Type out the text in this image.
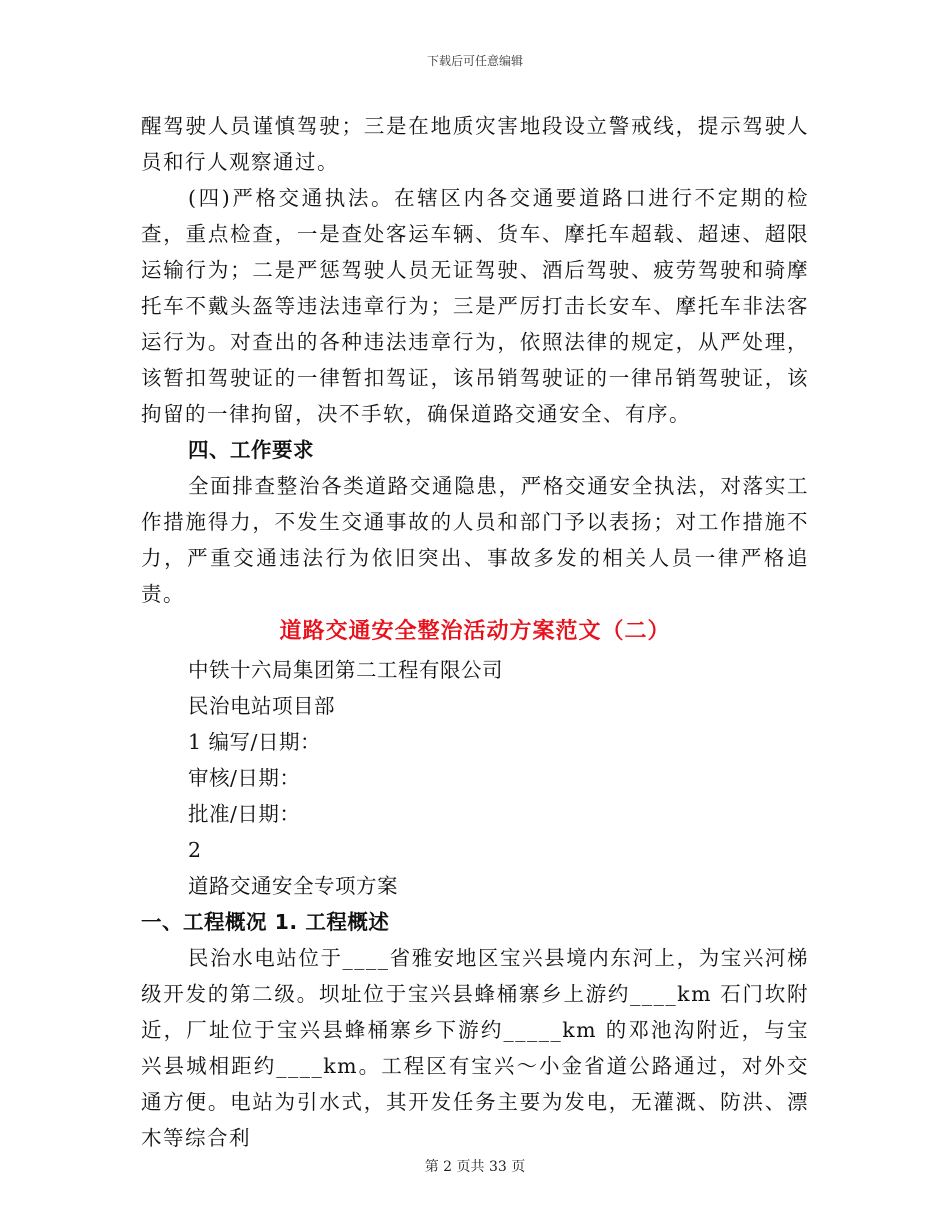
下载后可任意编辑

醒驾驶人员谨慎驾驶；三是在地质灾害地段设立警戒线，提示驾驶人员和行人观察通过。

(四)严格交通执法。在辖区内各交通要道路口进行不定期的检查，重点检查，一是查处客运车辆、货车、摩托车超载、超速、超限运输行为；二是严惩驾驶人员无证驾驶、酒后驾驶、疲劳驾驶和骑摩托车不戴头盔等违法违章行为；三是严厉打击长安车、摩托车非法客运行为。对查出的各种违法违章行为，依照法律的规定，从严处理，该暂扣驾驶证的一律暂扣驾证，该吊销驾驶证的一律吊销驾驶证，该拘留的一律拘留，决不手软，确保道路交通安全、有序。

四、工作要求

全面排查整治各类道路交通隐患，严格交通安全执法，对落实工作措施得力，不发生交通事故的人员和部门予以表扬；对工作措施不力，严重交通违法行为依旧突出、事故多发的相关人员一律严格追责。

道路交通安全整治活动方案范文（二）

中铁十六局集团第二工程有限公司

民治电站项目部

1 编写/日期：

审核/日期：

批准/日期：

2

道路交通安全专项方案

一、工程概况 1. 工程概述

民治水电站位于____省雅安地区宝兴县境内东河上，为宝兴河梯级开发的第二级。坝址位于宝兴县蜂桶寨乡上游约____km 石门坎附近，厂址位于宝兴县蜂桶寨乡下游约_____km 的邓池沟附近，与宝兴县城相距约____km。工程区有宝兴～小金省道公路通过，对外交通方便。电站为引水式，其开发任务主要为发电，无灌溉、防洪、漂木等综合利

第 2 页共 33 页
